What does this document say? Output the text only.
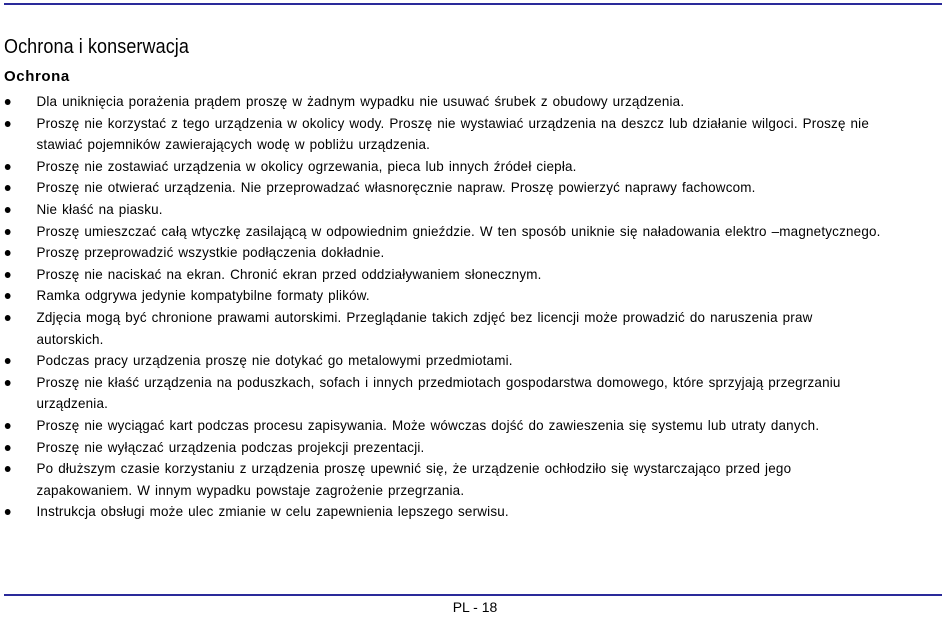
Ochrona i konserwacja
Ochrona
Dla uniknięcia porażenia prądem proszę w żadnym wypadku nie usuwać śrubek z obudowy urządzenia.
Proszę nie korzystać z tego urządzenia w okolicy wody. Proszę nie wystawiać urządzenia na deszcz lub działanie wilgoci. Proszę nie stawiać pojemników zawierających wodę w pobliżu urządzenia.
Proszę nie zostawiać urządzenia w okolicy ogrzewania, pieca lub innych źródeł ciepła.
Proszę nie otwierać urządzenia. Nie przeprowadzać własnoręcznie napraw. Proszę powierzyć naprawy fachowcom.
Nie kłaść na piasku.
Proszę umieszczać całą wtyczkę zasilającą w odpowiednim gnieździe. W ten sposób uniknie się naładowania elektro –magnetycznego.
Proszę przeprowadzić wszystkie podłączenia dokładnie.
Proszę nie naciskać na ekran. Chronić ekran przed oddziaływaniem słonecznym.
Ramka odgrywa jedynie kompatybilne formaty plików.
Zdjęcia mogą być chronione prawami autorskimi. Przeglądanie takich zdjęć bez licencji może prowadzić do naruszenia praw autorskich.
Podczas pracy urządzenia proszę nie dotykać go metalowymi przedmiotami.
Proszę nie kłaść urządzenia na poduszkach, sofach i innych przedmiotach gospodarstwa domowego, które sprzyjają przegrzaniu urządzenia.
Proszę nie wyciągać kart podczas procesu zapisywania. Może wówczas dojść do zawieszenia się systemu lub utraty danych.
Proszę nie wyłączać urządzenia podczas projekcji prezentacji.
Po dłuższym czasie korzystaniu z urządzenia proszę upewnić się, że urządzenie ochłodziło się wystarczająco przed jego zapakowaniem. W innym wypadku powstaje zagrożenie przegrzania.
Instrukcja obsługi może ulec zmianie w celu zapewnienia lepszego serwisu.
PL - 18
